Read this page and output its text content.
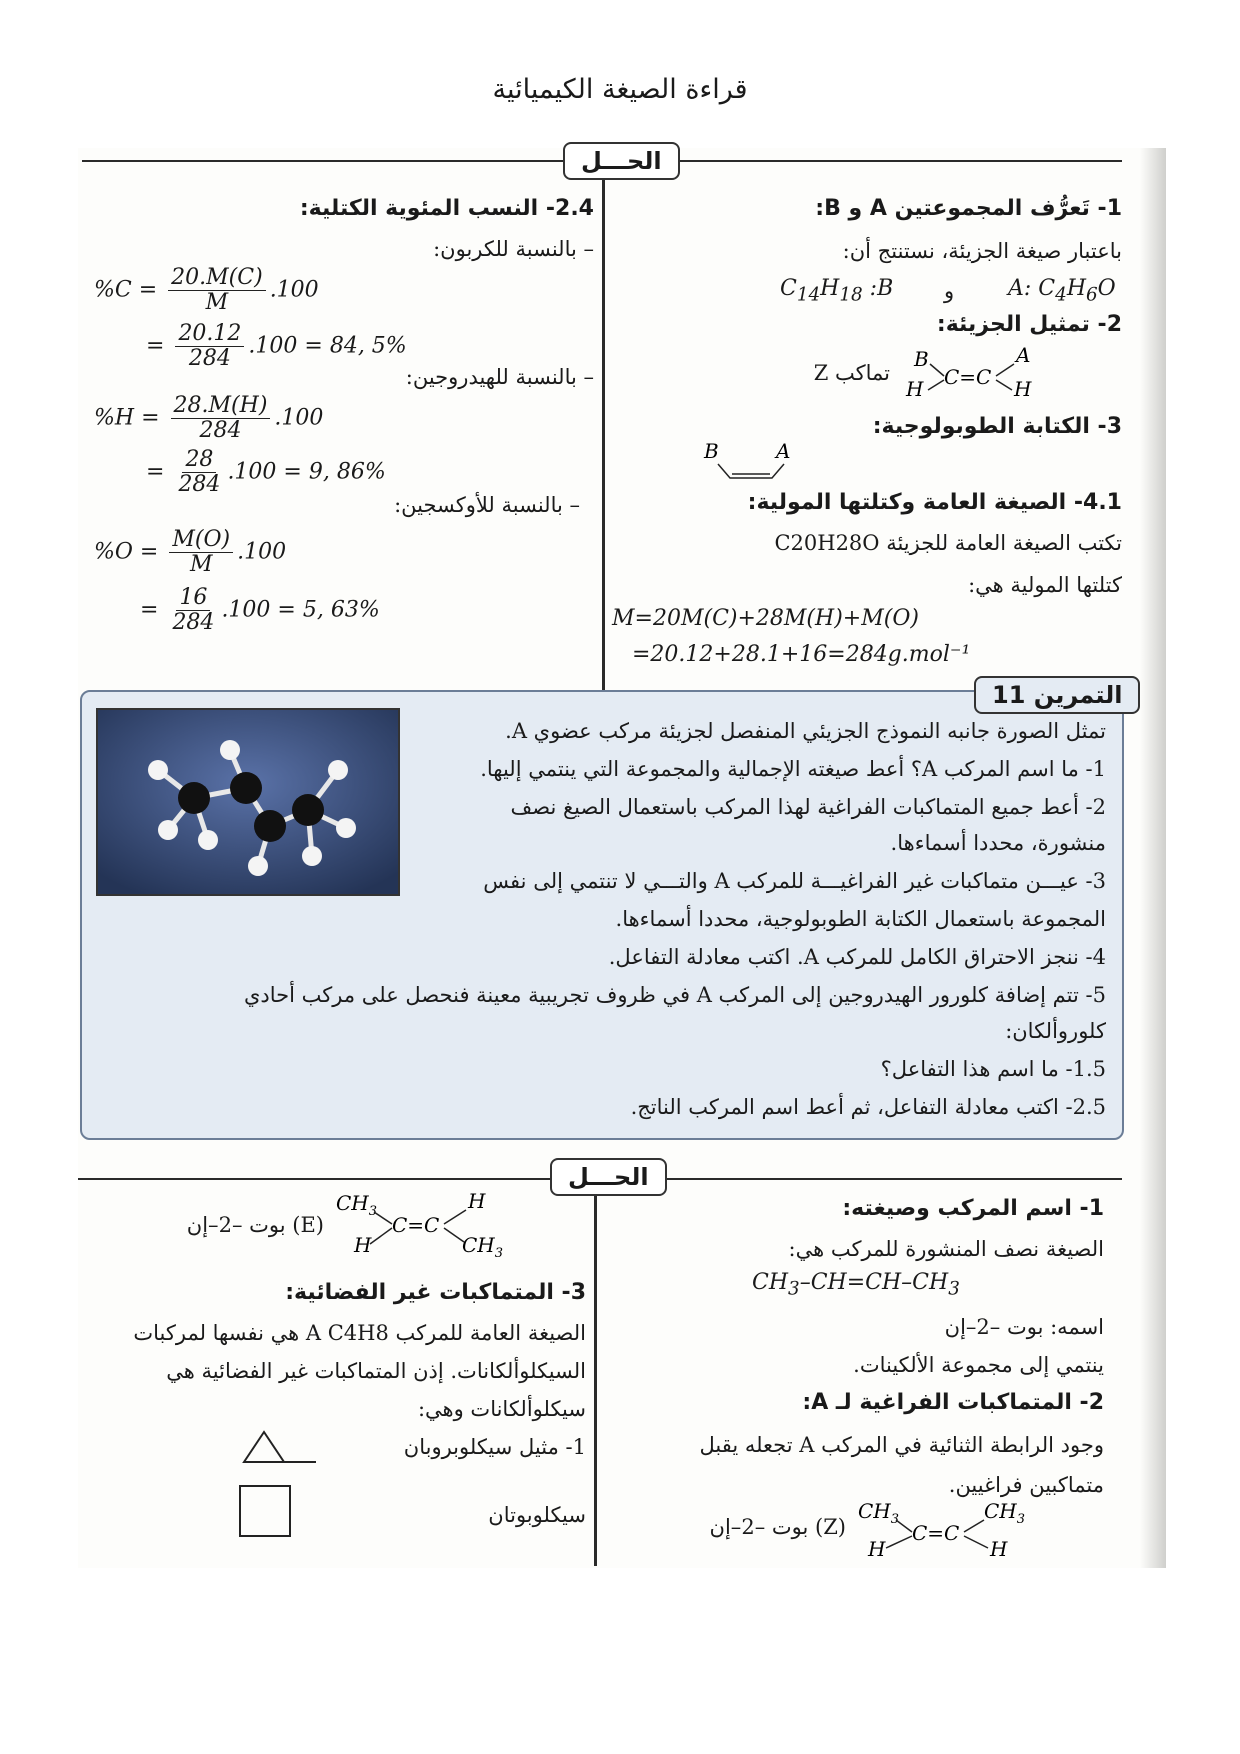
قراءة الصيغة الكيميائية
الحـــل
1- تَعرُّف المجموعتين A و B:
باعتبار صيغة الجزيئة، نستنتج أن:
A: $C_4H_6O$
و
$C_{14}H_{18}$ :B
2- تمثيل الجزيئة:
B
H C=C
A
H
تماكب Z
3- الكتابة الطوبولوجية:
B	A
4.1- الصيغة العامة وكتلتها المولية:
تكتب الصيغة العامة للجزيئة C20H28O
كتلتها المولية هي:
M=20M(C)+28M(H)+M(O)
=20.12+28.1+16=284g.mol⁻¹
2.4- النسب المئوية الكتلية:
– بالنسبة للكربون:
$\%C = \frac{20.M(C)}{M} .100$
= $\frac{20.12}{284} .100 = 84$, 5%
– بالنسبة للهيدروجين:
$\%H = \frac{28.M(H)}{284} .100$
= $\frac{28}{284} .100 = 9$, 86%
– بالنسبة للأوكسجين:
$\%O = \frac{M(O)}{M} .100$
= $\frac{16}{284} .100 = 5$, 63%
التمرين 11
تمثل الصورة جانبه النموذج الجزيئي المنفصل لجزيئة مركب عضوي A.
1- ما اسم المركب A؟ أعط صيغته الإجمالية والمجموعة التي ينتمي إليها.
2- أعط جميع المتماكبات الفراغية لهذا المركب باستعمال الصيغ نصف
منشورة، محددا أسماءها.
3- عيـــن متماكبات غير الفراغيـــة للمركب A والتـــي لا تنتمي إلى نفس
المجموعة باستعمال الكتابة الطوبولوجية، محددا أسماءها.
4- ننجز الاحتراق الكامل للمركب A. اكتب معادلة التفاعل.
5- تتم إضافة كلورور الهيدروجين إلى المركب A في ظروف تجريبية معينة فنحصل على مركب أحادي
كلوروألكان:
1.5- ما اسم هذا التفاعل؟
2.5- اكتب معادلة التفاعل، ثم أعط اسم المركب الناتج.
الحـــل
1- اسم المركب وصيغته:
الصيغة نصف المنشورة للمركب هي:
$CH_3-CH=CH-CH_3$
اسمه: بوت –2–إن
ينتمي إلى مجموعة الألكينات.
2- المتماكبات الفراغية لـ A:
وجود الرابطة الثنائية في المركب A تجعله يقبل
متماكبين فراغيين.
$CH_3$
H
C=C
$CH_3$
H
(Z) بوت –2–إن
$CH_3$
H
C=C
H
$CH_3$
(E) بوت –2–إن
3- المتماكبات غير الفضائية:
الصيغة العامة للمركب A C4H8 هي نفسها لمركبات
السيكلوألكانات. إذن المتماكبات غير الفضائية هي
سيكلوألكانات وهي:
1- مثيل سيكلوبروبان
سيكلوبوتان
